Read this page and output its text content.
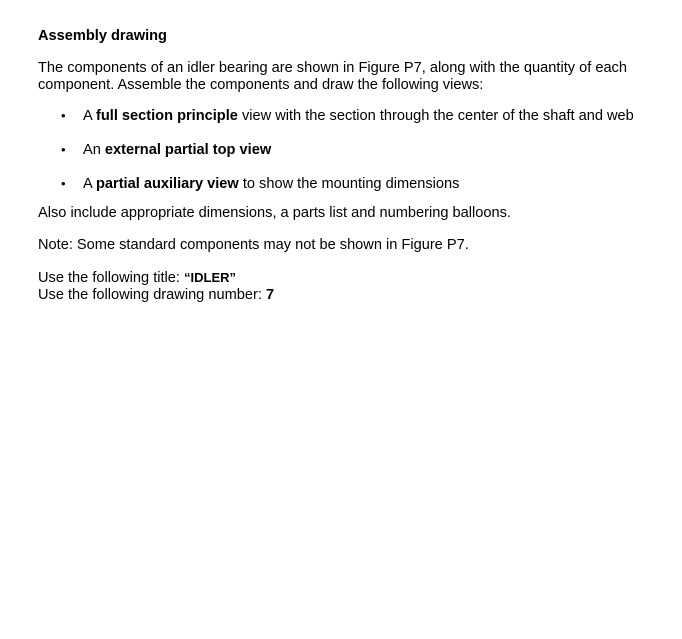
Assembly drawing

The components of an idler bearing are shown in Figure P7, along with the quantity of each component. Assemble the components and draw the following views:

• A full section principle view with the section through the center of the shaft and web
• An external partial top view
• A partial auxiliary view to show the mounting dimensions

Also include appropriate dimensions, a parts list and numbering balloons.

Note: Some standard components may not be shown in Figure P7.

Use the following title: “IDLER”

Use the following drawing number: 7
